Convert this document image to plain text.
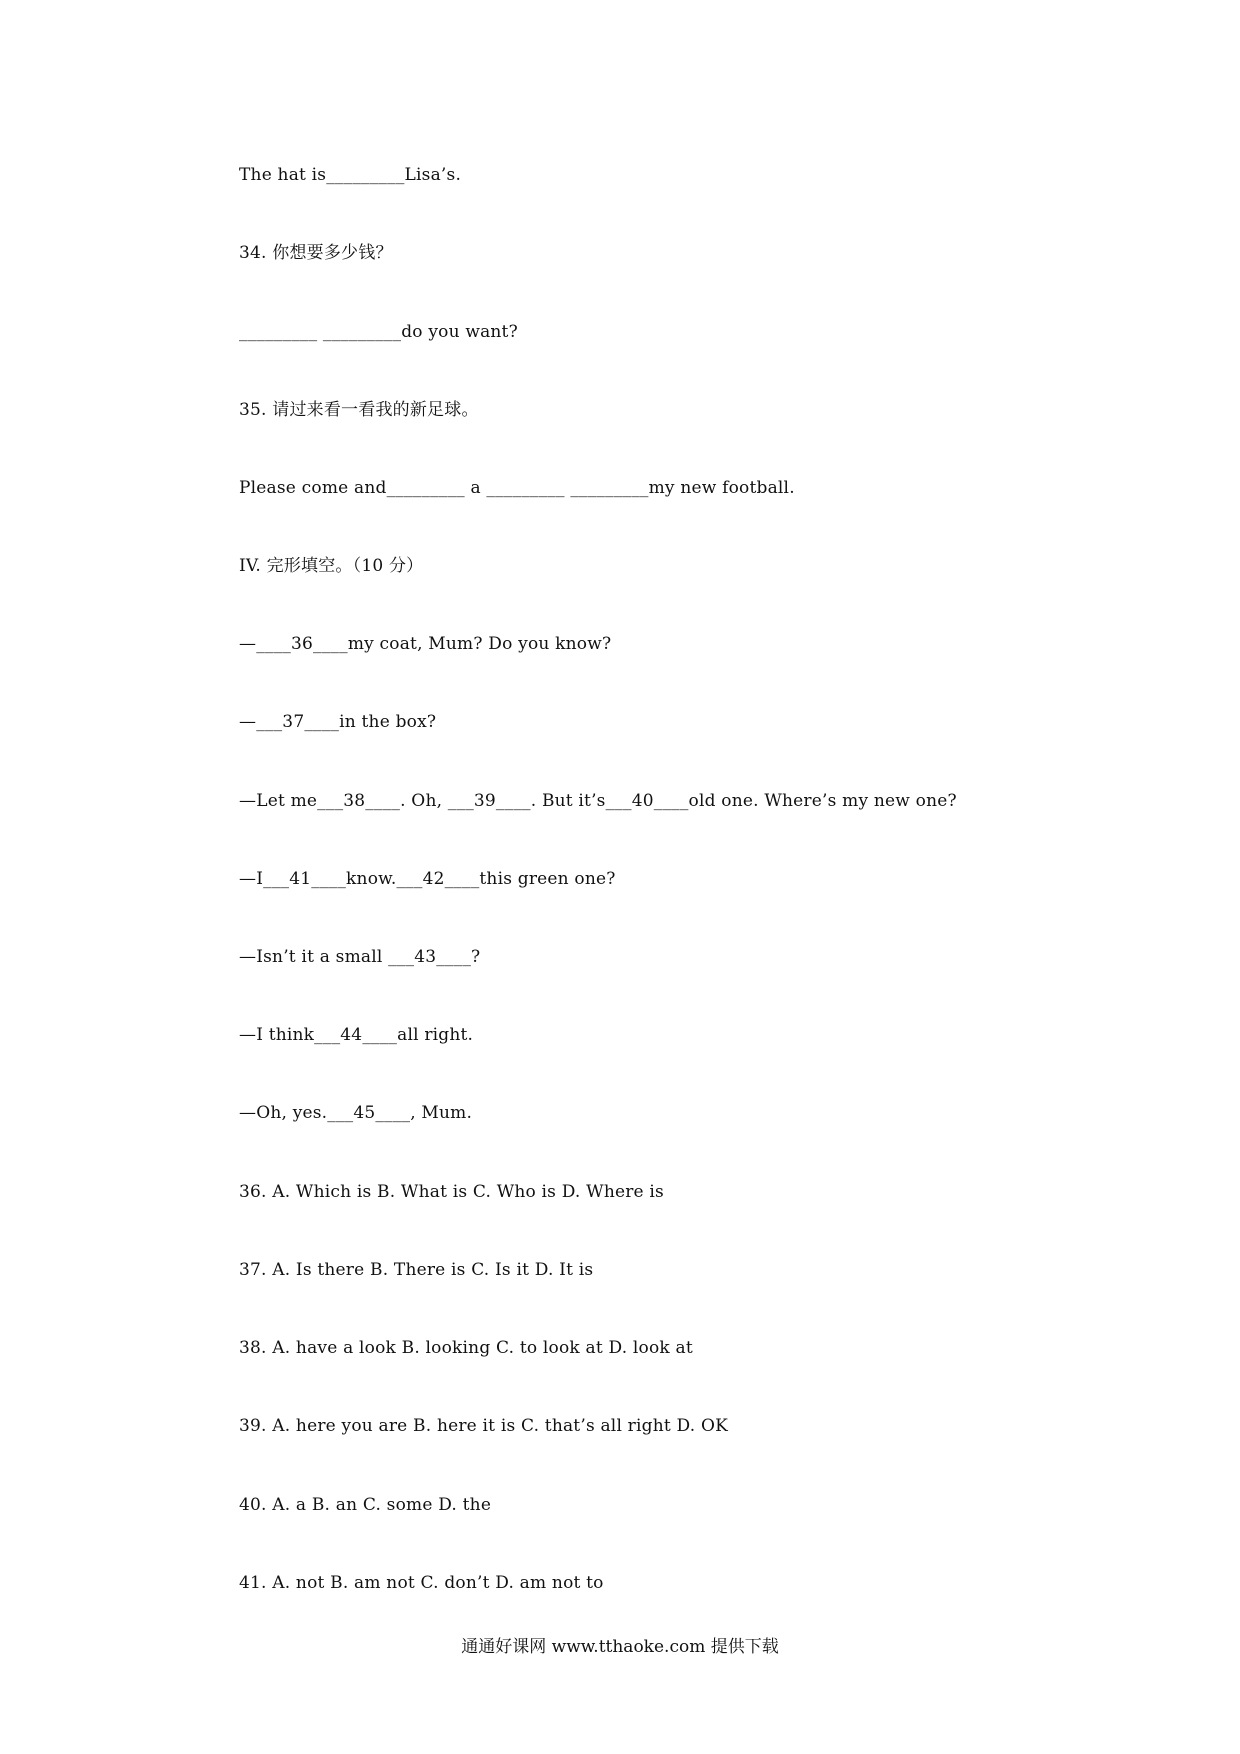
The hat is_________Lisa’s.
34. 你想要多少钱？
_________ _________do you want?
35. 请过来看一看我的新足球。
Please come and_________ a _________ _________my new football.
IV. 完形填空。（10 分）
—____36____my coat, Mum? Do you know?
—___37____in the box?
—Let me___38____. Oh, ___39____. But it’s___40____old one. Where’s my new one?
—I___41____know.___42____this green one?
—Isn’t it a small ___43____?
—I think___44____all right.
—Oh, yes.___45____, Mum.
36. A. Which is B. What is C. Who is D. Where is
37. A. Is there B. There is C. Is it D. It is
38. A. have a look B. looking C. to look at D. look at
39. A. here you are B. here it is C. that’s all right D. OK
40. A. a B. an C. some D. the
41. A. not B. am not C. don’t D. am not to
通通好课网 www.tthaoke.com 提供下载
